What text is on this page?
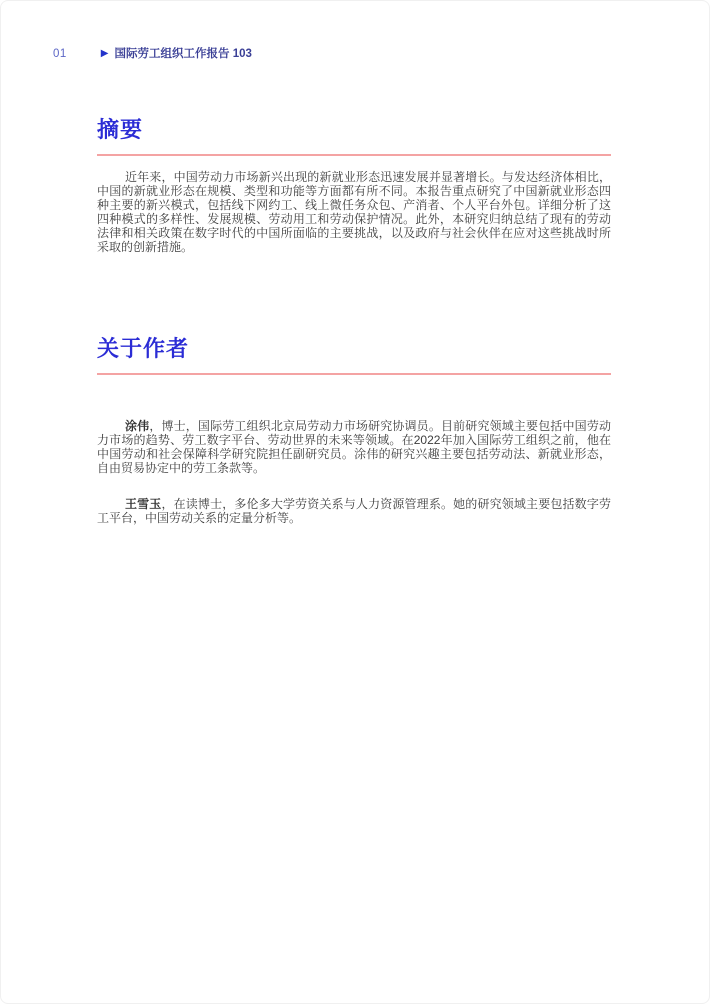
01	▶ 国际劳工组织工作报告 103
摘要

近年来，中国劳动力市场新兴出现的新就业形态迅速发展并显著增长。与发达经济体相比，中国的新就业形态在规模、类型和功能等方面都有所不同。本报告重点研究了中国新就业形态四种主要的新兴模式，包括线下网约工、线上微任务众包、产消者、个人平台外包。详细分析了这四种模式的多样性、发展规模、劳动用工和劳动保护情况。此外，本研究归纳总结了现有的劳动法律和相关政策在数字时代的中国所面临的主要挑战，以及政府与社会伙伴在应对这些挑战时所采取的创新措施。

关于作者

涂伟，博士，国际劳工组织北京局劳动力市场研究协调员。目前研究领域主要包括中国劳动力市场的趋势、劳工数字平台、劳动世界的未来等领域。在2022年加入国际劳工组织之前，他在中国劳动和社会保障科学研究院担任副研究员。涂伟的研究兴趣主要包括劳动法、新就业形态，自由贸易协定中的劳工条款等。

王雪玉，在读博士，多伦多大学劳资关系与人力资源管理系。她的研究领域主要包括数字劳工平台，中国劳动关系的定量分析等。
